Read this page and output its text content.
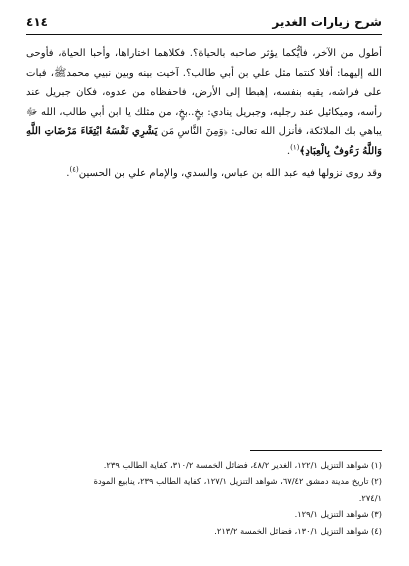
شرح زيارات الغدير
٤١٤

أطول من الآخر، فأيُّكما يؤثر صاحبه بالحياة؟. فكلاهما اختاراها، وأحبا الحياة، فأوحى الله إليهما: أفلا كنتما مثل علي بن أبي طالب؟. آخيت بينه وبين نبيي محمدﷺ، فبات على فراشه، يقيه بنفسه، إهبطا إلى الأرض، فاحفظاه من عدوه، فكان جبريل عند رأسه، وميكائيل عند رجليه، وجبريل ينادي: بخٍ..بخٍ، من مثلك يا ابن أبي طالب، الله ﷻ يباهي بك الملائكة، فأنزل الله تعالى: ﴿وَمِنَ النَّاسِ مَن يَشْرِي نَفْسَهُ ابْتِغَاءَ مَرْضَاتِ اللَّهِ وَاللَّهُ رَءُوفٌ بِالْعِبَادِ﴾$^{(١)}$.

وقد روى نزولها فيه عبد الله بن عباس، والسدي، والإمام علي بن الحسين$^{(٤)}$.

(١) شواهد التنزيل ١٢٢/١، الغدير ٤٨/٢، فضائل الخمسة ٣١٠/٢، كفاية الطالب ٢٣٩.
(٢) تاريخ مدينة دمشق ٦٧/٤٢، شواهد التنزيل ١٢٧/١، كفاية الطالب ٢٣٩، ينابيع المودة
٢٧٤/١.
(٣) شواهد التنزيل ١٢٩/١.
(٤) شواهد التنزيل ١٣٠/١، فضائل الخمسة ٢١٣/٢.
